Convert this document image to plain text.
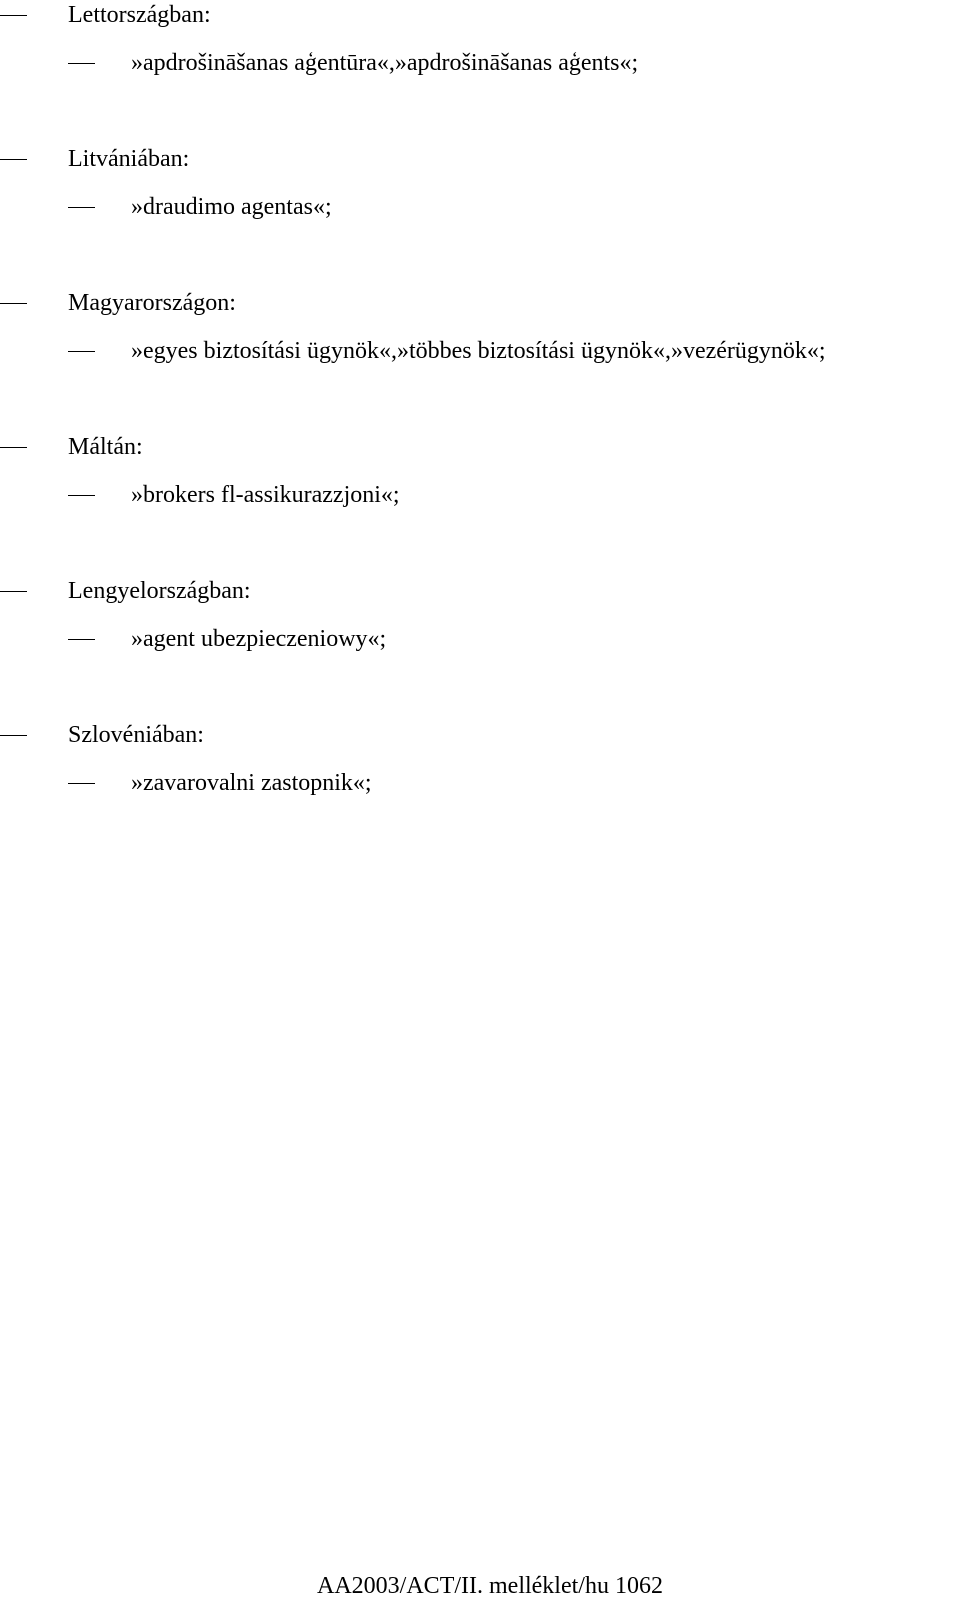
Lettországban:
»apdrošināšanas aģentūra«,»apdrošināšanas aģents«;
Litvániában:
»draudimo agentas«;
Magyarországon:
»egyes biztosítási ügynök«,»többes biztosítási ügynök«,»vezérügynök«;
Máltán:
»brokers fl-assikurazzjoni«;
Lengyelországban:
»agent ubezpieczeniowy«;
Szlovéniában:
»zavarovalni zastopnik«;
AA2003/ACT/II. melléklet/hu 1062
